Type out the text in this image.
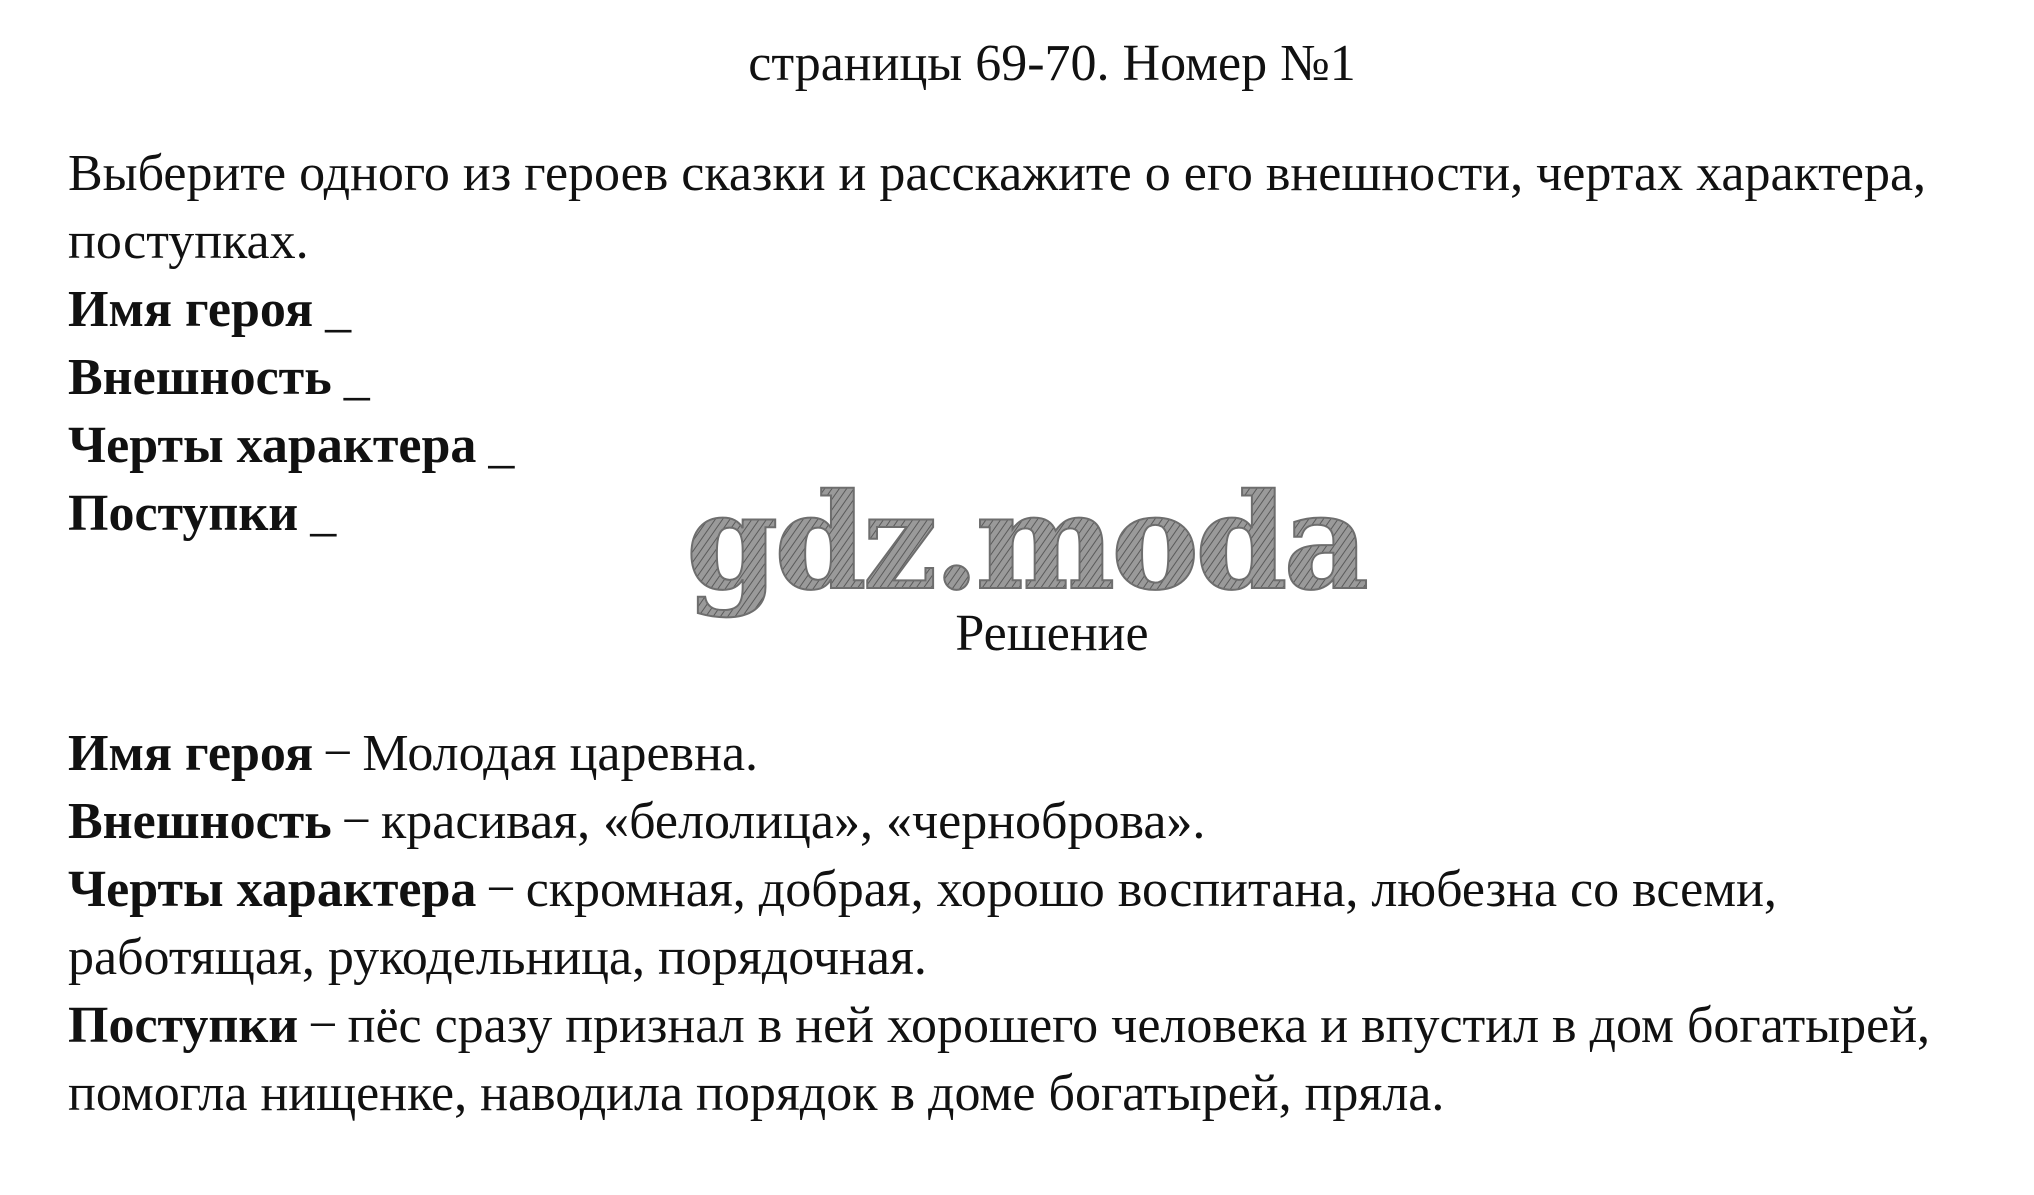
страницы 69-70. Номер №1
Выберите одного из героев сказки и расскажите о его внешности, чертах характера, поступках.
Имя героя _
Внешность _
Черты характера _
Поступки _	gdz.moda
Решение
Имя героя − Молодая царевна.
Внешность − красивая, «белолица», «черноброва».
Черты характера − скромная, добрая, хорошо воспитана, любезна со всеми, работящая, рукодельница, порядочная.
Поступки − пёс сразу признал в ней хорошего человека и впустил в дом богатырей, помогла нищенке, наводила порядок в доме богатырей, пряла.
